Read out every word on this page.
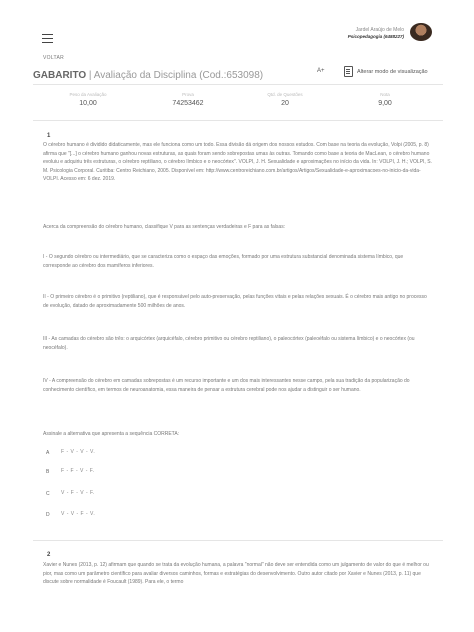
Jardel Araújo de Melo
Psicopedagogia (6488227)
VOLTAR
GABARITO | Avaliação da Disciplina (Cod.:653098)	A+	Alterar modo de visualização
Peso da Avaliação
10,00
Prova
74253462
Qtd. de Questões
20
Nota
9,00
1
O cérebro humano é dividido didaticamente, mas ele funciona como um todo. Essa divisão dá origem dos nossos estudos. Com base na teoria da evolução, Volpi (2005, p. 8) afirma que "[...] o cérebro humano ganhou novas estruturas, as quais foram sendo sobrepostas umas às outras. Tomando como base a teoria de MacLean, o cérebro humano evoluiu e adquiriu três estruturas, o cérebro reptiliano, o cérebro límbico e o neocórtex". VOLPI, J. H. Sexualidade e aproximações no início da vida. In: VOLPI, J. H.; VOLPI, S. M. Psicologia Corporal. Curitiba: Centro Reichiano, 2005. Disponível em: http://www.centroreichiano.com.br/artigos/Artigos/Sexualidade-e-aproximacoes-no-inicio-da-vida-VOLPI. Acesso em: 6 dez. 2019.
Acerca da compreensão do cérebro humano, classifique V para as sentenças verdadeiras e F para as falsas:
I - O segundo cérebro ou intermediário, que se caracteriza como o espaço das emoções, formado por uma estrutura substancial denominada sistema límbico, que corresponde ao cérebro dos mamíferos inferiores.
II - O primeiro cérebro é o primitivo (reptiliano), que é responsável pelo auto-preservação, pelas funções vitais e pelas relações sexuais. É o cérebro mais antigo no processo de evolução, datado de aproximadamente 500 milhões de anos.
III - As camadas do cérebro são três: o arquicórtex (arquicéfalo, cérebro primitivo ou cérebro reptiliano), o paleocórtex (paleoéfalo ou sistema límbico) e o neocórtex (ou neocéfalo).
IV - A compreensão do cérebro em camadas sobrepostas é um recurso importante e um dos mais interessantes nesse campo, pela sua tradição da popularização do conhecimento científico, em termos de neuroanatomia, essa maneira de pensar a estrutura cerebral pode nos ajudar a distinguir o ser humano.
Assinale a alternativa que apresenta a sequência CORRETA:
A F - V - V - V.
B F - F - V - F.
C V - F - V - F.
D V - V - F - V.
2
Xavier e Nunes (2013, p. 12) afirmam que quando se trata da evolução humana, a palavra "normal" não deve ser entendida como um julgamento de valor do que é melhor ou pior, mas como um parâmetro científico para avaliar diversos caminhos, formas e estratégias do desenvolvimento. Outro autor citado por Xavier e Nunes (2013, p. 11) que discute sobre normalidade é Foucault (1989). Para ele, o termo
